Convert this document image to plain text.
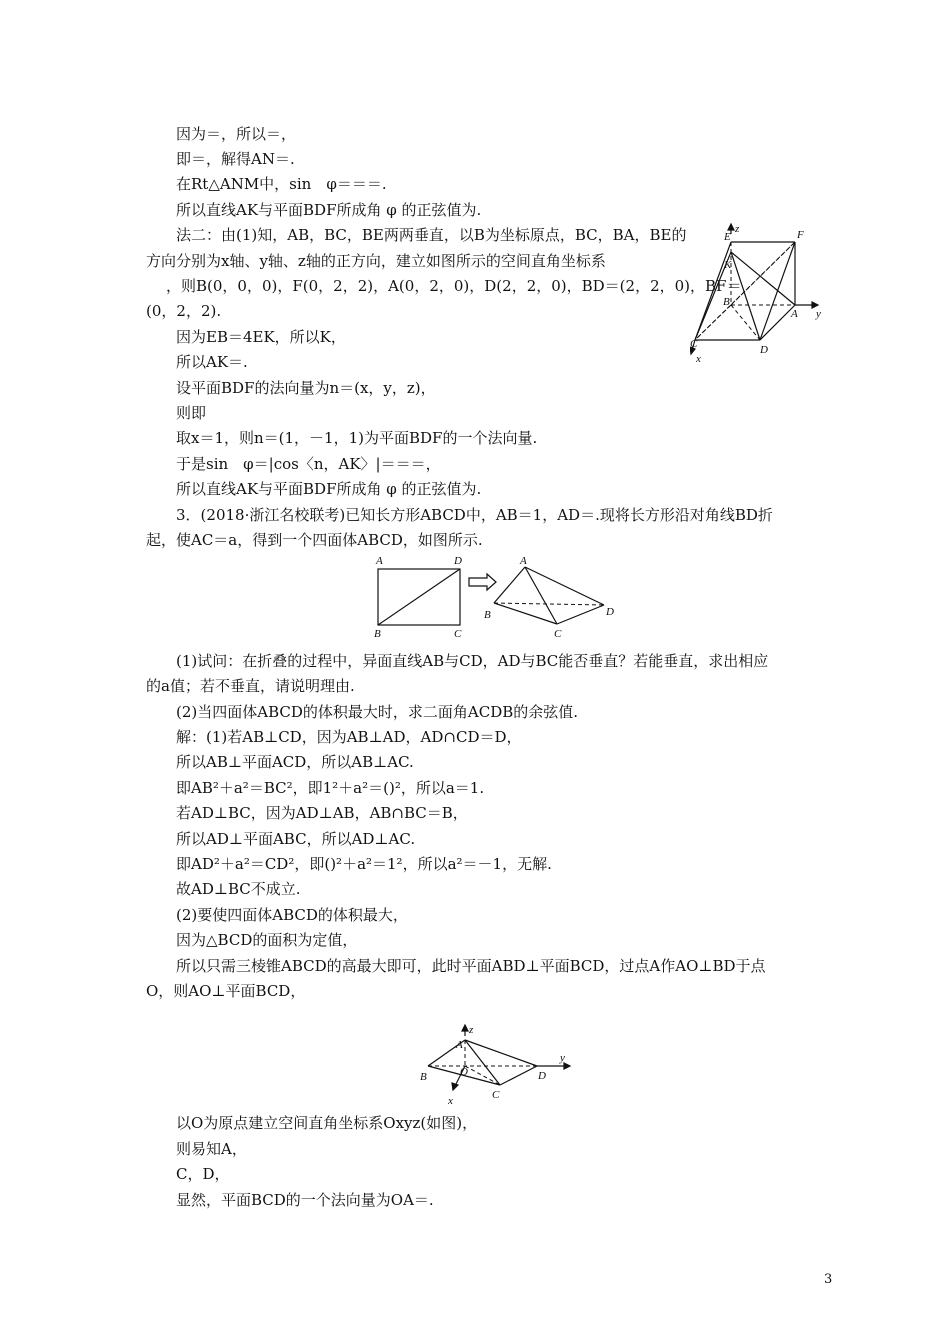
因为＝，所以＝，
即＝，解得AN＝.
在Rt△ANM中，sin　φ＝＝＝.
所以直线AK与平面BDF所成角 φ 的正弦值为.
法二：由(1)知，AB，BC，BE两两垂直，以B为坐标原点，BC，BA，BE的
方向分别为x轴、y轴、z轴的正方向，建立如图所示的空间直角坐标系
，则B(0，0，0)，F(0，2，2)，A(0，2，0)，D(2，2，0)，BD＝(2，2，0)，BF＝
(0，2，2).
因为EB＝4EK，所以K，
所以AK＝.
设平面BDF的法向量为n＝(x，y，z)，
则即
取x＝1，则n＝(1，－1，1)为平面BDF的一个法向量.
于是sin　φ＝|cos〈n，AK〉|＝＝＝，
所以直线AK与平面BDF所成角 φ 的正弦值为.
3．(2018·浙江名校联考)已知长方形ABCD中，AB＝1，AD＝.现将长方形沿对角线BD折
起，使AC＝a，得到一个四面体ABCD，如图所示.
(1)试问：在折叠的过程中，异面直线AB与CD，AD与BC能否垂直？若能垂直，求出相应
的a值；若不垂直，请说明理由.
(2)当四面体ABCD的体积最大时，求二面角ACDB的余弦值.
解：(1)若AB⊥CD，因为AB⊥AD，AD∩CD＝D，
所以AB⊥平面ACD，所以AB⊥AC.
即AB²＋a²＝BC²，即1²＋a²＝()²，所以a＝1.
若AD⊥BC，因为AD⊥AB，AB∩BC＝B，
所以AD⊥平面ABC，所以AD⊥AC.
即AD²＋a²＝CD²，即()²＋a²＝1²，所以a²＝－1，无解.
故AD⊥BC不成立.
(2)要使四面体ABCD的体积最大，
因为△BCD的面积为定值，
所以只需三棱锥ABCD的高最大即可，此时平面ABD⊥平面BCD，过点A作AO⊥BD于点
O，则AO⊥平面BCD，
以O为原点建立空间直角坐标系Oxyz(如图)，
则易知A，
C，D，
显然，平面BCD的一个法向量为OA＝.
z
y
E	F
K
B
A
C	D
x
A	D
B	C
A
B	D
C
z
A
y
B	O	D
C
x
3
